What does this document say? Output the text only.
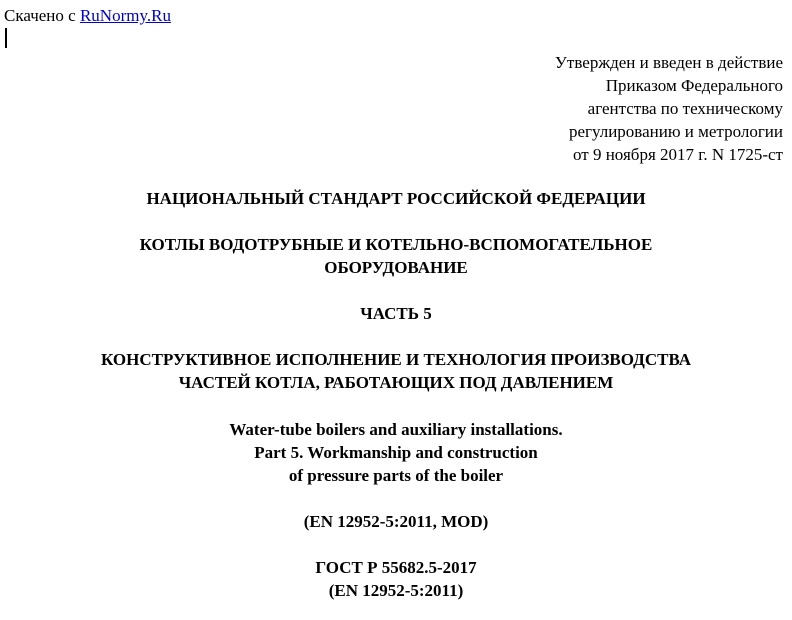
Скачено с RuNormy.Ru
Утвержден и введен в действие
Приказом Федерального
агентства по техническому
регулированию и метрологии
от 9 ноября 2017 г. N 1725-ст
НАЦИОНАЛЬНЫЙ СТАНДАРТ РОССИЙСКОЙ ФЕДЕРАЦИИ
КОТЛЫ ВОДОТРУБНЫЕ И КОТЕЛЬНО-ВСПОМОГАТЕЛЬНОЕ
ОБОРУДОВАНИЕ
ЧАСТЬ 5
КОНСТРУКТИВНОЕ ИСПОЛНЕНИЕ И ТЕХНОЛОГИЯ ПРОИЗВОДСТВА
ЧАСТЕЙ КОТЛА, РАБОТАЮЩИХ ПОД ДАВЛЕНИЕМ
Water-tube boilers and auxiliary installations.
Part 5. Workmanship and construction
of pressure parts of the boiler
(EN 12952-5:2011, MOD)
ГОСТ Р 55682.5-2017
(EN 12952-5:2011)
